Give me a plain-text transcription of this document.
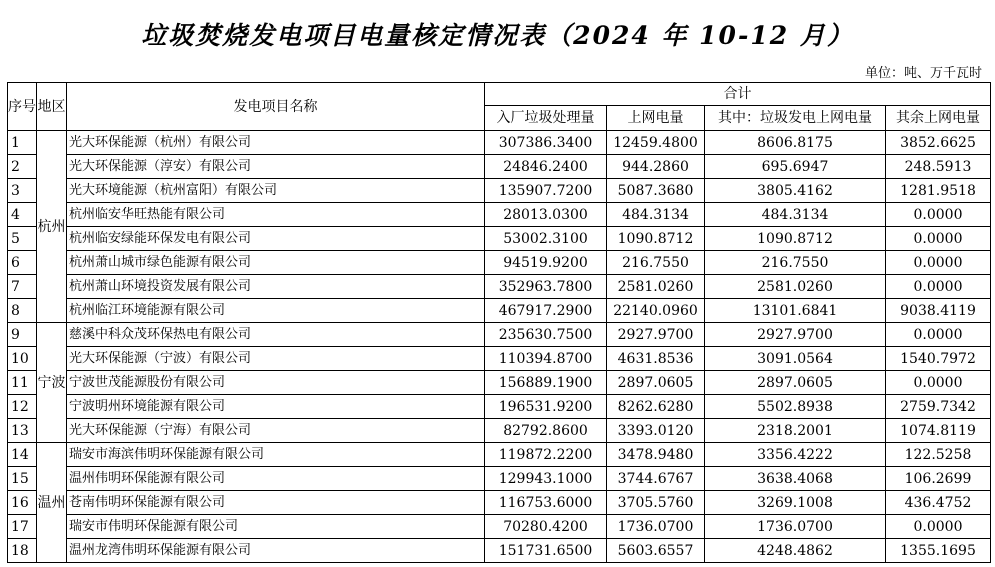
垃圾焚烧发电项目电量核定情况表（2024 年 10-12 月）
单位：吨、万千瓦时
序号	地区	发电项目名称	合计			
			入厂垃圾处理量	上网电量	其中：垃圾发电上网电量	其余上网电量
1	杭州	光大环保能源（杭州）有限公司	307386.3400	12459.4800	8606.8175	3852.6625
2		光大环保能源（淳安）有限公司	24846.2400	944.2860	695.6947	248.5913
3		光大环境能源（杭州富阳）有限公司	135907.7200	5087.3680	3805.4162	1281.9518
4		杭州临安华旺热能有限公司	28013.0300	484.3134	484.3134	0.0000
5		杭州临安绿能环保发电有限公司	53002.3100	1090.8712	1090.8712	0.0000
6		杭州萧山城市绿色能源有限公司	94519.9200	216.7550	216.7550	0.0000
7		杭州萧山环境投资发展有限公司	352963.7800	2581.0260	2581.0260	0.0000
8		杭州临江环境能源有限公司	467917.2900	22140.0960	13101.6841	9038.4119
9	宁波	慈溪中科众茂环保热电有限公司	235630.7500	2927.9700	2927.9700	0.0000
10		光大环保能源（宁波）有限公司	110394.8700	4631.8536	3091.0564	1540.7972
11		宁波世茂能源股份有限公司	156889.1900	2897.0605	2897.0605	0.0000
12		宁波明州环境能源有限公司	196531.9200	8262.6280	5502.8938	2759.7342
13		光大环保能源（宁海）有限公司	82792.8600	3393.0120	2318.2001	1074.8119
14	温州	瑞安市海滨伟明环保能源有限公司	119872.2200	3478.9480	3356.4222	122.5258
15		温州伟明环保能源有限公司	129943.1000	3744.6767	3638.4068	106.2699
16		苍南伟明环保能源有限公司	116753.6000	3705.5760	3269.1008	436.4752
17		瑞安市伟明环保能源有限公司	70280.4200	1736.0700	1736.0700	0.0000
18		温州龙湾伟明环保能源有限公司	151731.6500	5603.6557	4248.4862	1355.1695
